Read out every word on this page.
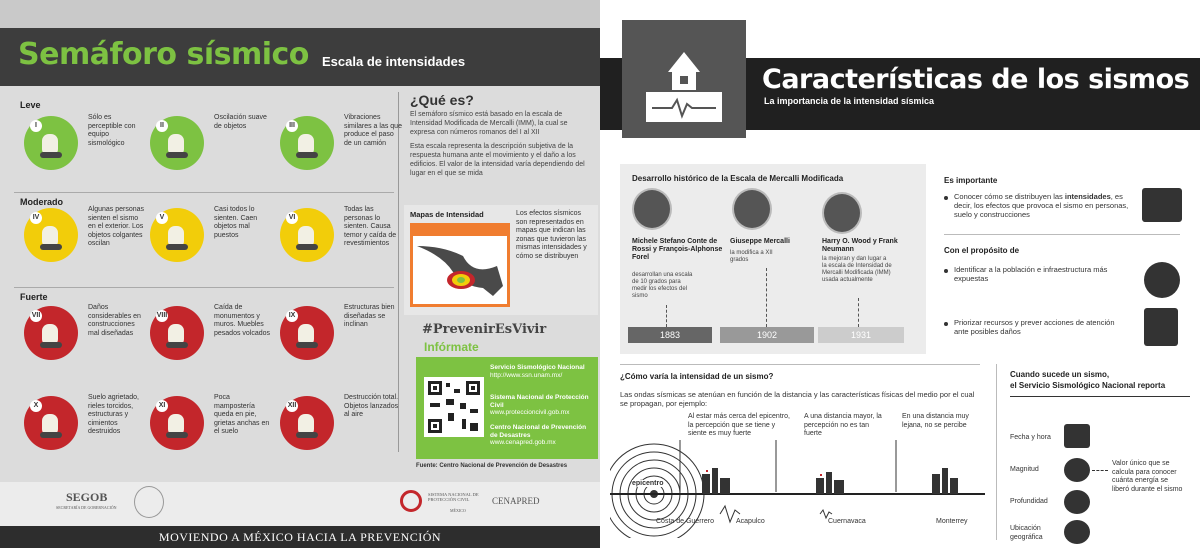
Semáforo sísmico Escala de intensidades
Leve
Moderado
Fuerte
¿Qué es?
El semáforo sísmico está basado en la escala de Intensidad Modificada de Mercalli (IMM), la cual se expresa con números romanos del I al XII
Esta escala representa la descripción subjetiva de la respuesta humana ante el movimiento y el daño a los edificios. El valor de la intensidad varía dependiendo del lugar en el que se mida
Mapas de Intensidad	Los efectos sísmicos son representados en mapas que indican las zonas que tuvieron las mismas intensidades y cómo se distribuyen
#PrevenirEsVivir
Infórmate
Servicio Sismológico Nacional
http://www.ssn.unam.mx/
Sistema Nacional de Protección Civil
www.proteccioncivil.gob.mx
Centro Nacional de Prevención de Desastres
www.cenapred.gob.mx
Fuente: Centro Nacional de Prevención de Desastres
SEGOB
SECRETARÍA DE GOBERNACIÓN
SISTEMA NACIONAL DE PROTECCIÓN CIVIL
MÉXICO
CENAPRED
MOVIENDO A MÉXICO HACIA LA PREVENCIÓN
Características de los sismos
La importancia de la intensidad sísmica
Desarrollo histórico de la Escala de Mercalli Modificada
Michele Stefano Conte de Rossi y François-Alphonse Forel
desarrollan una escala de 10 grados para medir los efectos del sismo
1883
Giuseppe Mercalli
la modifica a XII grados
1902
Harry O. Wood y Frank Neumann
la mejoran y dan lugar a la escala de Intensidad de Mercalli Modificada (IMM) usada actualmente
1931
Es importante
Conocer cómo se distribuyen las intensidades, es decir, los efectos que provoca el sismo en personas, suelo y construcciones
Con el propósito de
Identificar a la población e infraestructura más expuestas
Priorizar recursos y prever acciones de atención ante posibles daños
¿Cómo varía la intensidad de un sismo?
Las ondas sísmicas se atenúan en función de la distancia y las características físicas del medio por el cual se propagan, por ejemplo:
Al estar más cerca del epicentro, la percepción que se tiene y siente es muy fuerte
A una distancia mayor, la percepción no es tan fuerte
En una distancia muy lejana, no se percibe
epicentro
Costa de Guerrero	Acapulco	Cuernavaca	Monterrey
Cuando sucede un sismo,
el Servicio Sismológico Nacional reporta
Fecha y hora
Magnitud
Valor único que se calcula para conocer cuánta energía se liberó durante el sismo
Profundidad
Ubicación geográfica
I
Sólo es perceptible con equipo sismológico
II
Oscilación suave de objetos	III
Vibraciones similares a las que produce el paso de un camión
IV
Algunas personas sienten el sismo en el exterior. Los objetos colgantes oscilan
V
Casi todos lo sienten. Caen objetos mal puestos
VI
Todas las personas lo sienten. Causa temor y caída de revestimientos
VII
Daños considerables en construcciones mal diseñadas
VIII
Caída de monumentos y muros. Muebles pesados volcados
IX
Estructuras bien diseñadas se inclinan
X
Suelo agrietado, rieles torcidos, estructuras y cimientos destruidos
XI
Poca mampostería queda en pie, grietas anchas en el suelo
XII
Destrucción total. Objetos lanzados al aire
